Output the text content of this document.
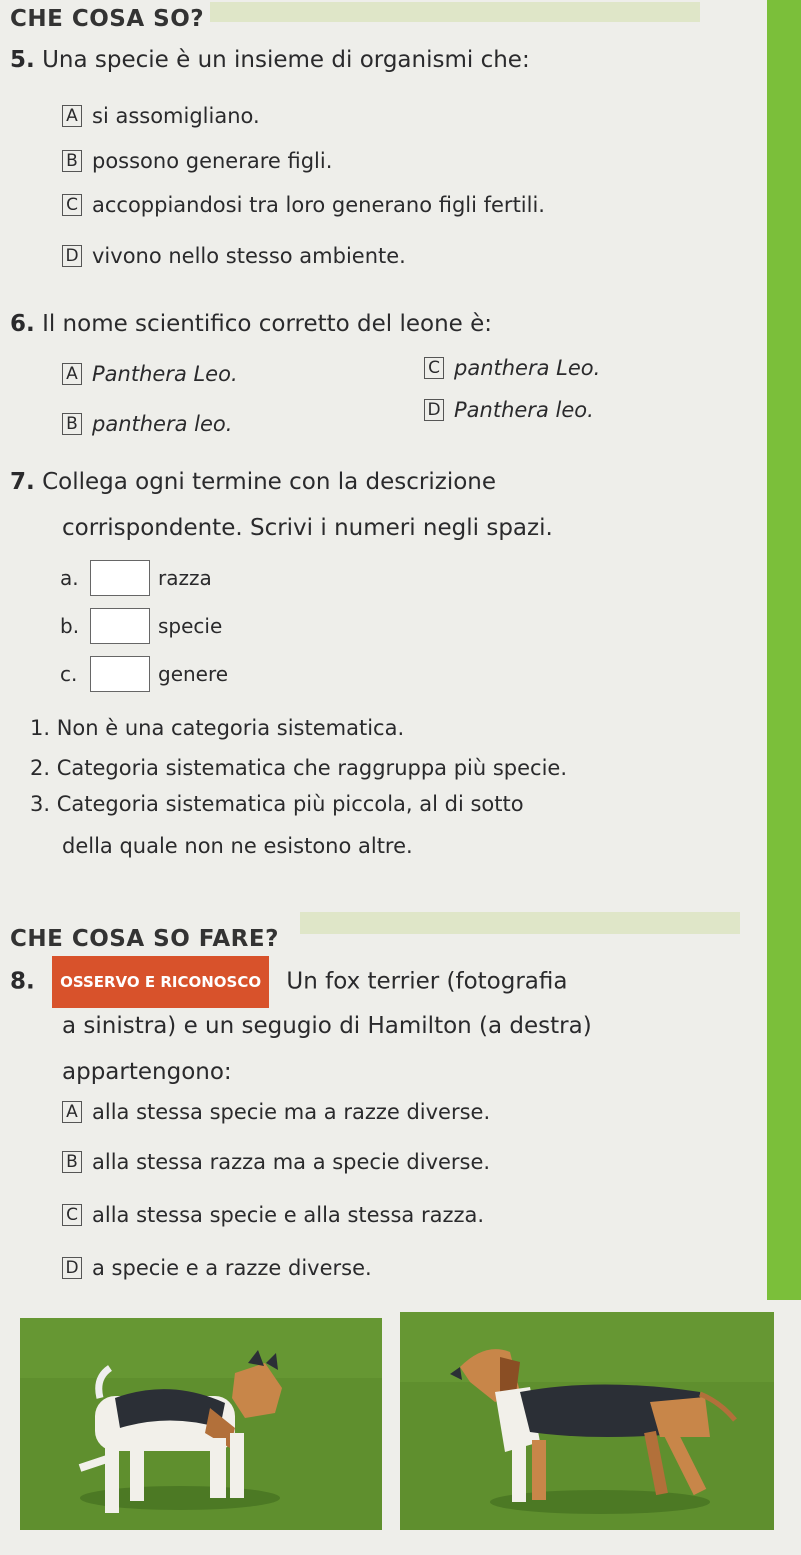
CHE COSA SO?
5. Una specie è un insieme di organismi che:
A si assomigliano.
B possono generare figli.
C accoppiandosi tra loro generano figli fertili.
D vivono nello stesso ambiente.
6. Il nome scientifico corretto del leone è:
A Panthera Leo.
B panthera leo.
C panthera Leo.
D Panthera leo.
7. Collega ogni termine con la descrizione
corrispondente. Scrivi i numeri negli spazi.
a.	razza
b.	specie
c.	genere
1. Non è una categoria sistematica.
2. Categoria sistematica che raggruppa più specie.
3. Categoria sistematica più piccola, al di sotto
della quale non ne esistono altre.
CHE COSA SO FARE?
8. OSSERVO E RICONOSCO Un fox terrier (fotografia
a sinistra) e un segugio di Hamilton (a destra)
appartengono:
A alla stessa specie ma a razze diverse.
B alla stessa razza ma a specie diverse.
C alla stessa specie e alla stessa razza.
D a specie e a razze diverse.
